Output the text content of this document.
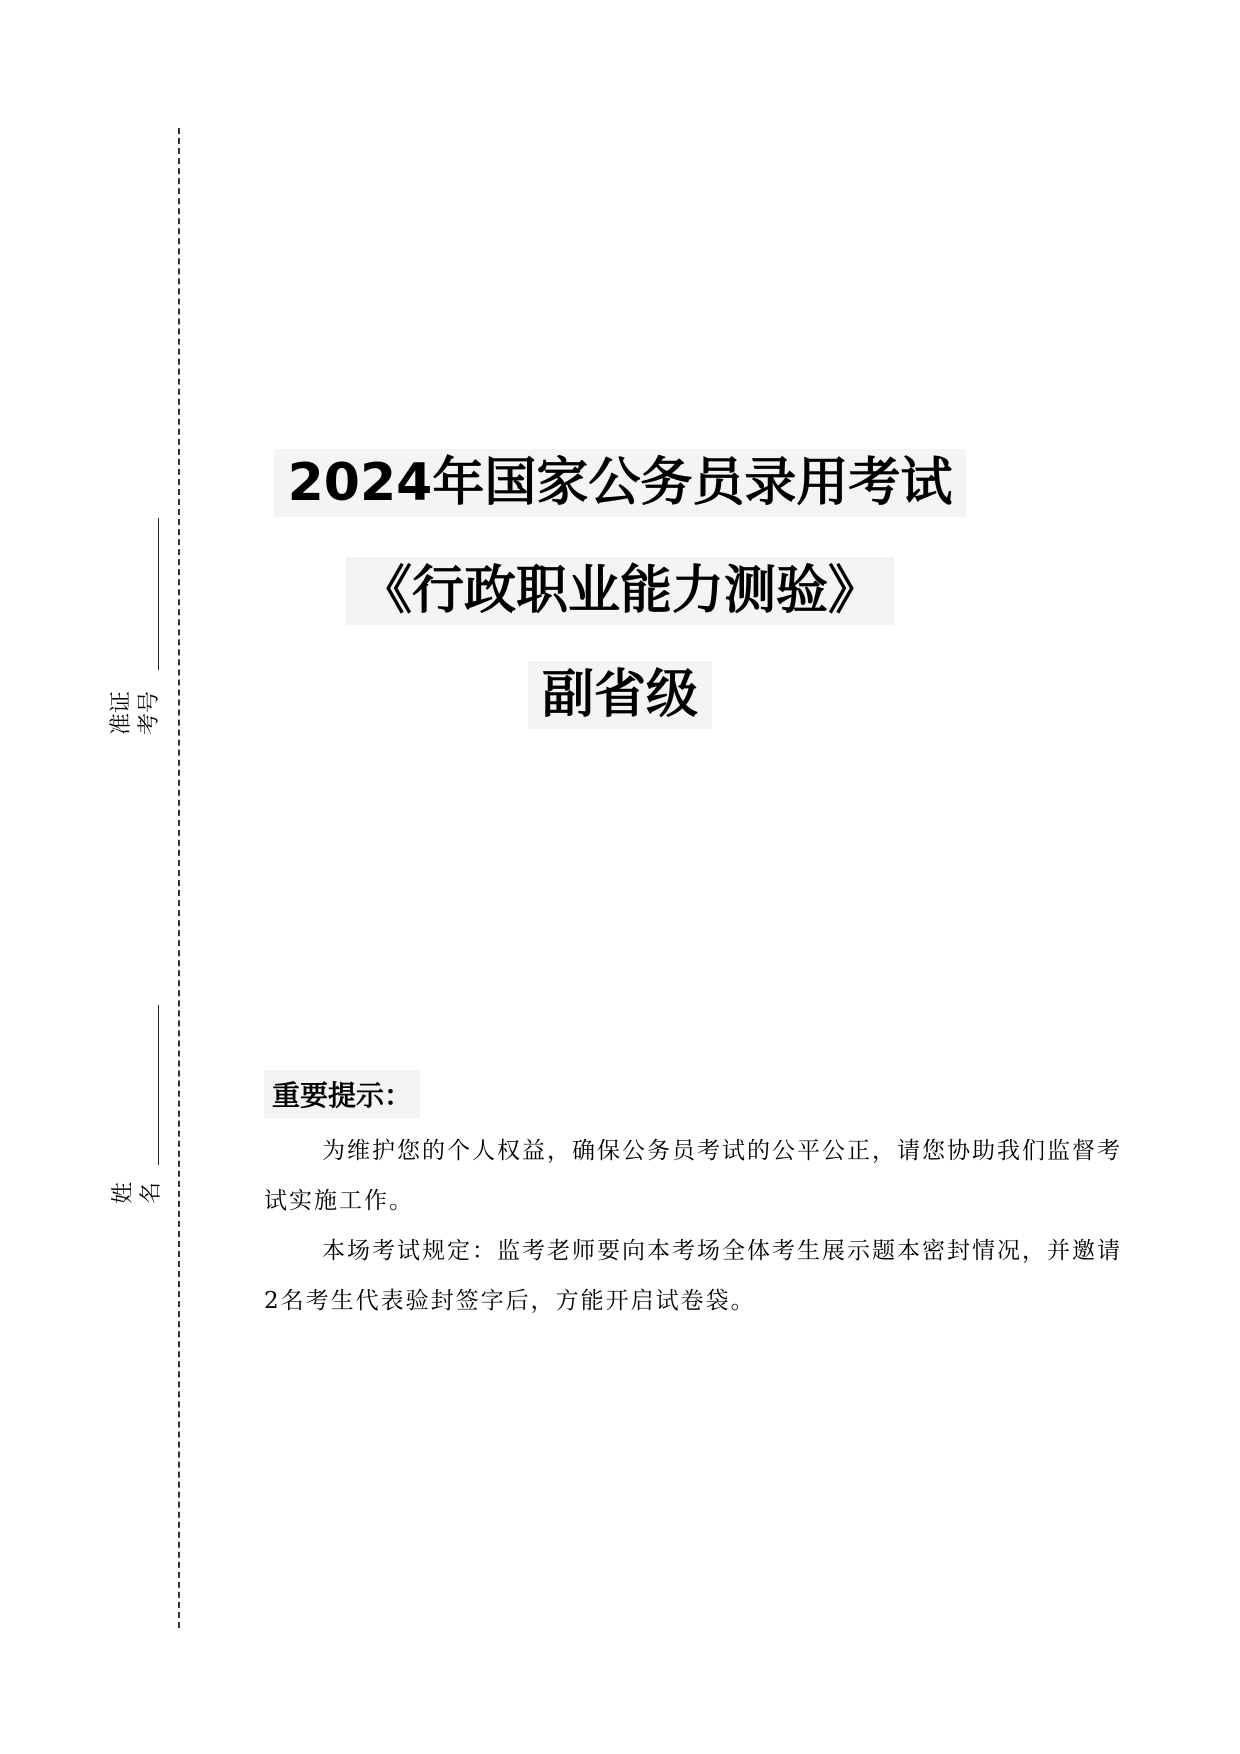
准证 考号
姓 名
2024年国家公务员录用考试
《行政职业能力测验》
副省级
重要提示：
为维护您的个人权益，确保公务员考试的公平公正，请您协助我们监督考试实施工作。
本场考试规定：监考老师要向本考场全体考生展示题本密封情况，并邀请2名考生代表验封签字后，方能开启试卷袋。
